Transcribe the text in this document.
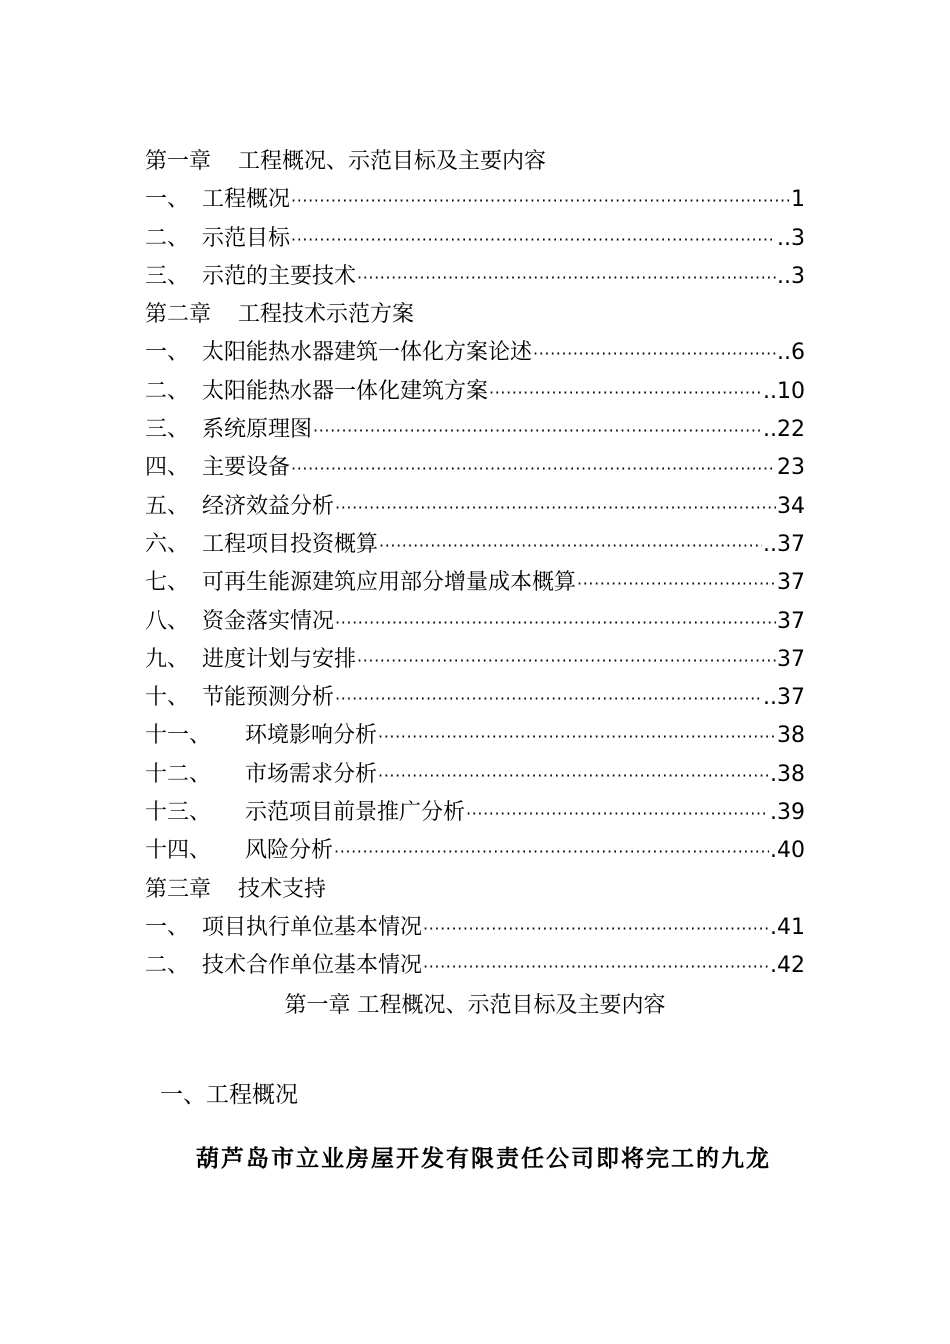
第一章 工程概况、示范目标及主要内容
一、 工程概况 ·····	1
二、 示范目标 ·····	..3
三、 示范的主要技术 ·····	..3
第二章 工程技术示范方案
一、 太阳能热水器建筑一体化方案论述 ·····	..6
二、 太阳能热水器一体化建筑方案 ·····	..10
三、 系统原理图 ·····	..22
四、 主要设备 ·····	23
五、 经济效益分析 ·····	34
六、 工程项目投资概算 ·····	..37
七、 可再生能源建筑应用部分增量成本概算 ·····	37
八、 资金落实情况 ·····	37
九、 进度计划与安排 ·····	37
十、 节能预测分析 ·····	..37
十一、	环境影响分析 ·····	38
十二、	市场需求分析 ·····	.38
十三、	示范项目前景推广分析 ·····	.39
十四、	风险分析 ·····	.40
第三章 技术支持
一、 项目执行单位基本情况 ·····	.41
二、 技术合作单位基本情况 ·····	.42
第一章 工程概况、示范目标及主要内容
一、工程概况
葫芦岛市立业房屋开发有限责任公司即将完工的九龙
